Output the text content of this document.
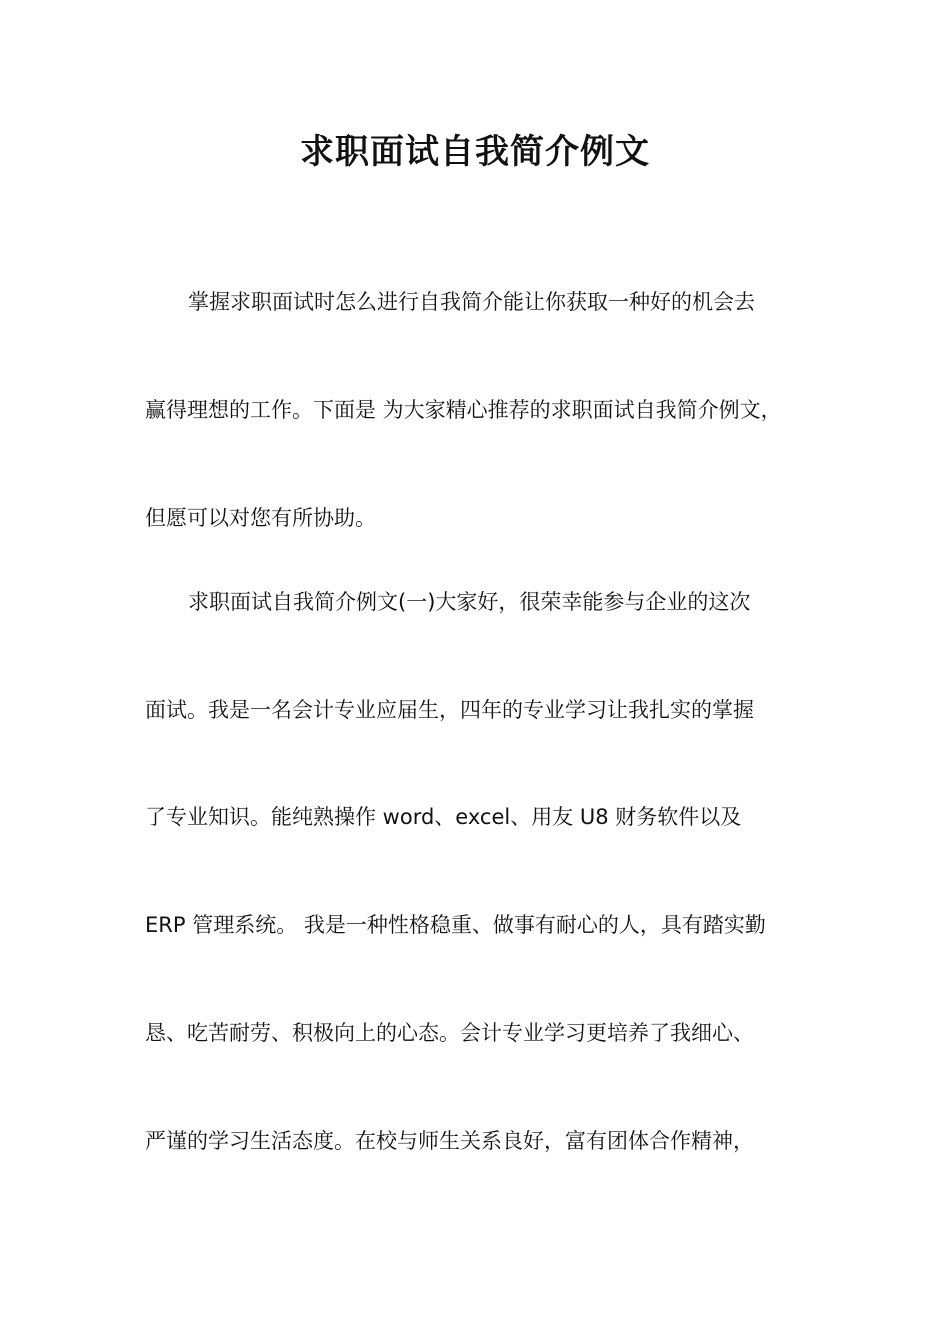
求职面试自我简介例文
掌握求职面试时怎么进行自我简介能让你获取一种好的机会去
赢得理想的工作。下面是 为大家精心推荐的求职面试自我简介例文，
但愿可以对您有所协助。
求职面试自我简介例文(一)大家好，很荣幸能参与企业的这次
面试。我是一名会计专业应届生，四年的专业学习让我扎实的掌握
了专业知识。能纯熟操作 word、excel、用友 U8 财务软件以及
ERP 管理系统。 我是一种性格稳重、做事有耐心的人，具有踏实勤
恳、吃苦耐劳、积极向上的心态。会计专业学习更培养了我细心、
严谨的学习生活态度。在校与师生关系良好，富有团体合作精神，
